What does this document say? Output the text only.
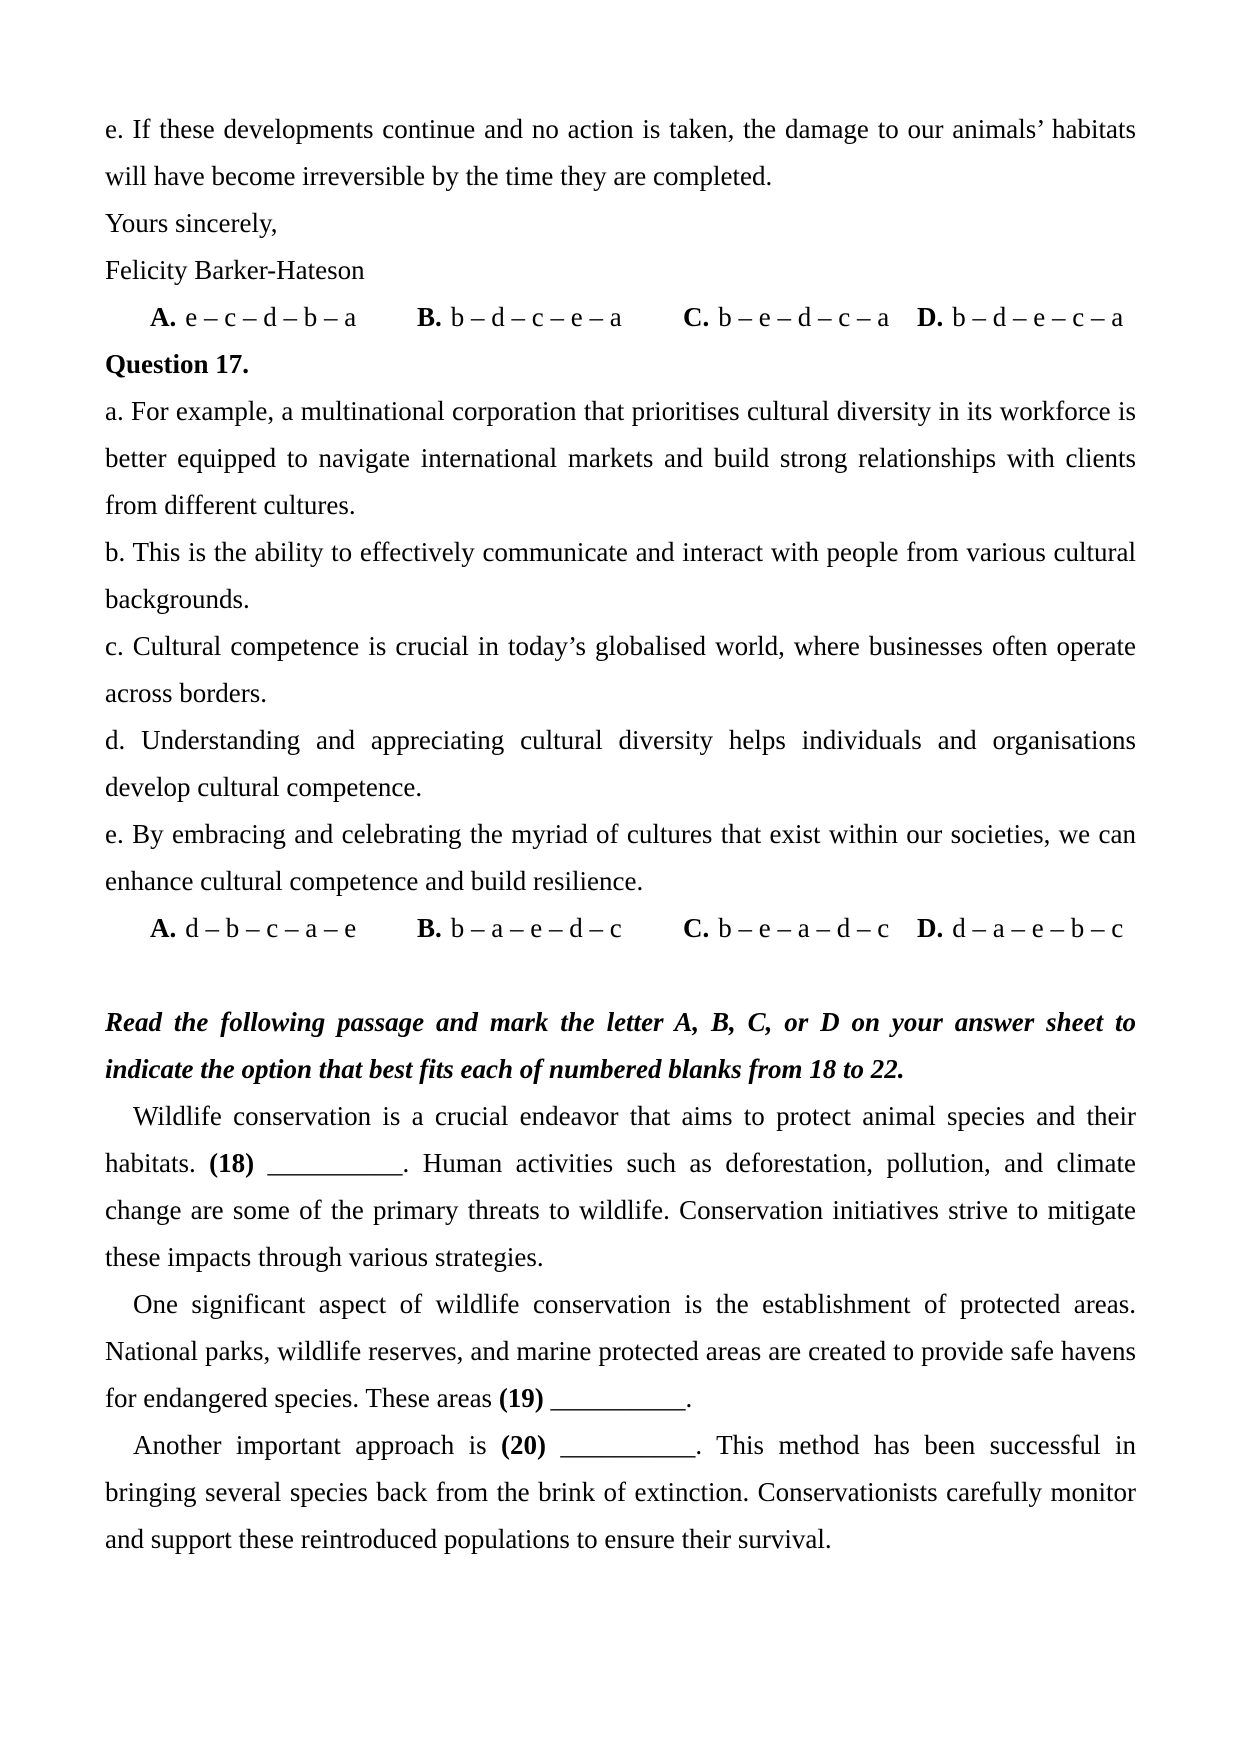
e. If these developments continue and no action is taken, the damage to our animals’ habitats will have become irreversible by the time they are completed.

Yours sincerely,

Felicity Barker-Hateson

A. e – c – d – b – a	B. b – d – c – e – a	C. b – e – d – c – a	D. b – d – e – c – a

Question 17.

a. For example, a multinational corporation that prioritises cultural diversity in its workforce is better equipped to navigate international markets and build strong relationships with clients from different cultures.

b. This is the ability to effectively communicate and interact with people from various cultural backgrounds.

c. Cultural competence is crucial in today’s globalised world, where businesses often operate across borders.

d. Understanding and appreciating cultural diversity helps individuals and organisations develop cultural competence.

e. By embracing and celebrating the myriad of cultures that exist within our societies, we can enhance cultural competence and build resilience.

A. d – b – c – a – e	B. b – a – e – d – c	C. b – e – a – d – c	D. d – a – e – b – c

Read the following passage and mark the letter A, B, C, or D on your answer sheet to indicate the option that best fits each of numbered blanks from 18 to 22.

Wildlife conservation is a crucial endeavor that aims to protect animal species and their habitats. (18) __________. Human activities such as deforestation, pollution, and climate change are some of the primary threats to wildlife. Conservation initiatives strive to mitigate these impacts through various strategies.

One significant aspect of wildlife conservation is the establishment of protected areas. National parks, wildlife reserves, and marine protected areas are created to provide safe havens for endangered species. These areas (19) __________.

Another important approach is (20) __________. This method has been successful in bringing several species back from the brink of extinction. Conservationists carefully monitor and support these reintroduced populations to ensure their survival.
